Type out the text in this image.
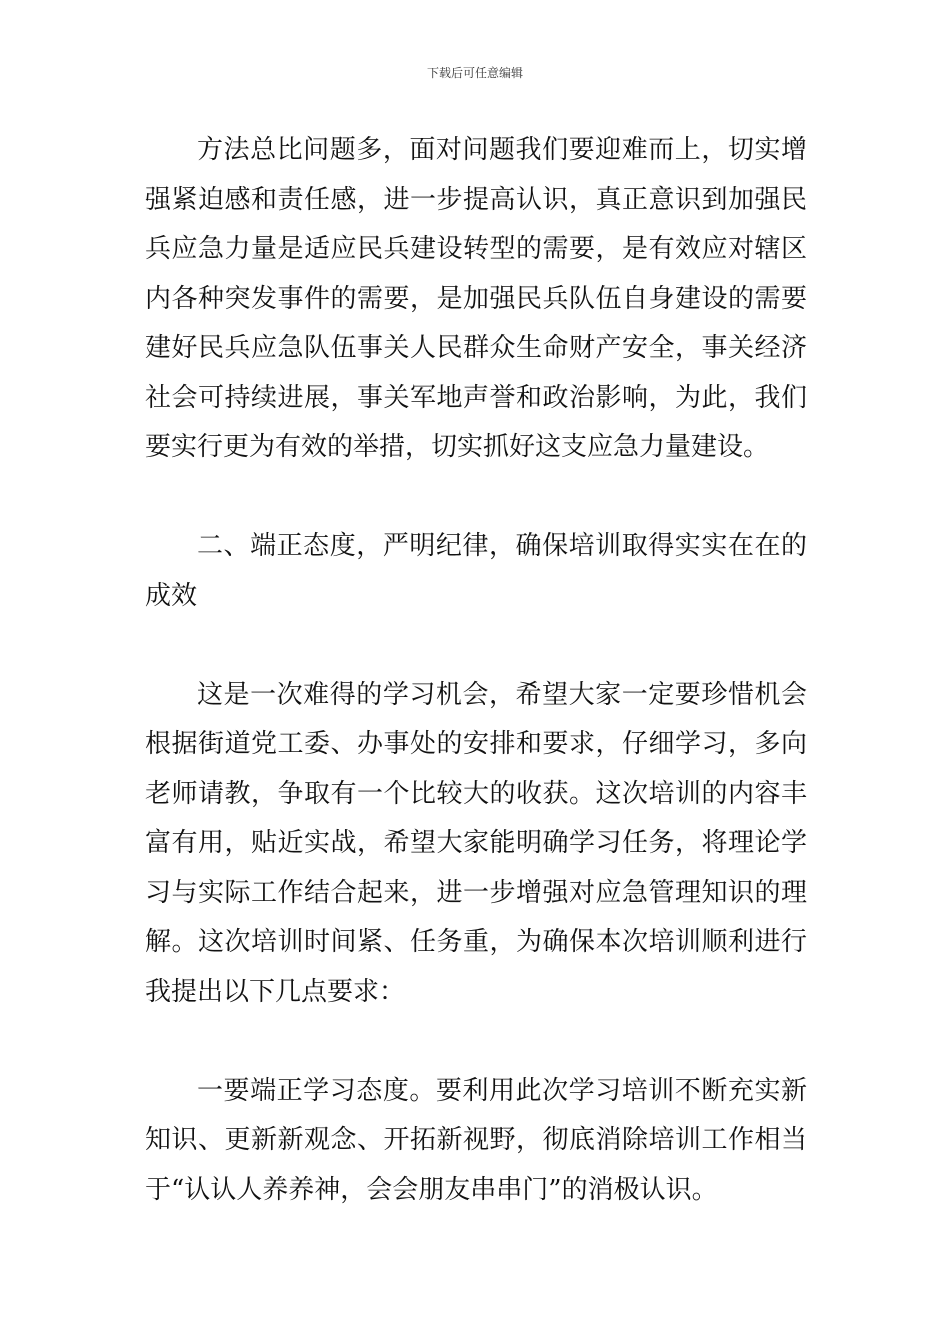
下载后可任意编辑

方法总比问题多，面对问题我们要迎难而上，切实增强紧迫感和责任感，进一步提高认识，真正意识到加强民兵应急力量是适应民兵建设转型的需要，是有效应对辖区内各种突发事件的需要，是加强民兵队伍自身建设的需要建好民兵应急队伍事关人民群众生命财产安全，事关经济社会可持续进展，事关军地声誉和政治影响，为此，我们要实行更为有效的举措，切实抓好这支应急力量建设。

二、端正态度，严明纪律，确保培训取得实实在在的成效

这是一次难得的学习机会，希望大家一定要珍惜机会根据街道党工委、办事处的安排和要求，仔细学习，多向老师请教，争取有一个比较大的收获。这次培训的内容丰富有用，贴近实战，希望大家能明确学习任务，将理论学习与实际工作结合起来，进一步增强对应急管理知识的理解。这次培训时间紧、任务重，为确保本次培训顺利进行我提出以下几点要求：

一要端正学习态度。要利用此次学习培训不断充实新知识、更新新观念、开拓新视野，彻底消除培训工作相当于“认认人养养神，会会朋友串串门”的消极认识。
